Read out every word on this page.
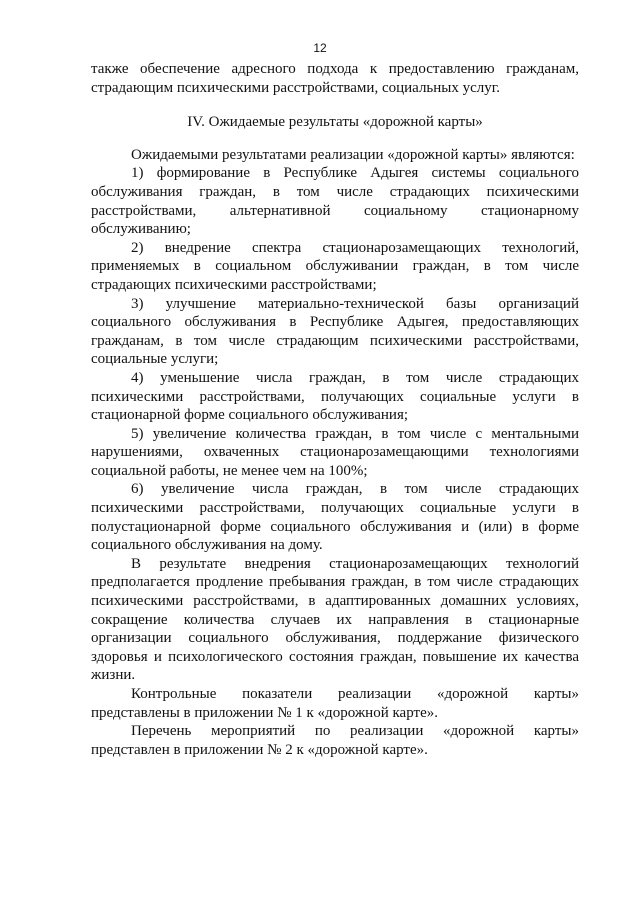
12

также обеспечение адресного подхода к предоставлению гражданам, страдающим психическими расстройствами, социальных услуг.

IV. Ожидаемые результаты «дорожной карты»

Ожидаемыми результатами реализации «дорожной карты» являются:

1) формирование в Республике Адыгея системы социального обслуживания граждан, в том числе страдающих психическими расстройствами, альтернативной социальному стационарному обслуживанию;

2) внедрение спектра стационарозамещающих технологий, применяемых в социальном обслуживании граждан, в том числе страдающих психическими расстройствами;

3) улучшение материально-технической базы организаций социального обслуживания в Республике Адыгея, предоставляющих гражданам, в том числе страдающим психическими расстройствами, социальные услуги;

4) уменьшение числа граждан, в том числе страдающих психическими расстройствами, получающих социальные услуги в стационарной форме социального обслуживания;

5) увеличение количества граждан, в том числе с ментальными нарушениями, охваченных стационарозамещающими технологиями социальной работы, не менее чем на 100%;

6) увеличение числа граждан, в том числе страдающих психическими расстройствами, получающих социальные услуги в полустационарной форме социального обслуживания и (или) в форме социального обслуживания на дому.

В результате внедрения стационарозамещающих технологий предполагается продление пребывания граждан, в том числе страдающих психическими расстройствами, в адаптированных домашних условиях, сокращение количества случаев их направления в стационарные организации социального обслуживания, поддержание физического здоровья и психологического состояния граждан, повышение их качества жизни.

Контрольные показатели реализации «дорожной карты» представлены в приложении № 1 к «дорожной карте».

Перечень мероприятий по реализации «дорожной карты» представлен в приложении № 2 к «дорожной карте».
